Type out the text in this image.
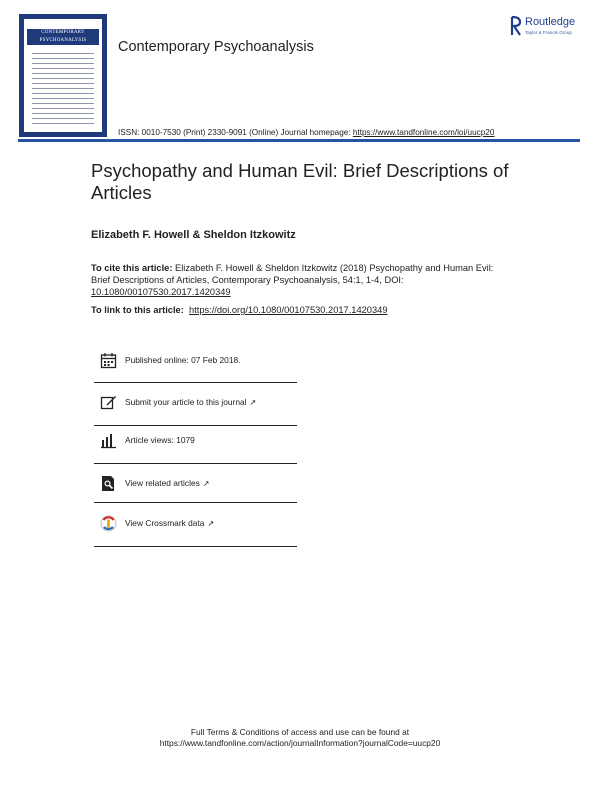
CONTEMPORARY PSYCHOANALYSIS	Contemporary Psychoanalysis
Routledge
Taylor & Francis Group
ISSN: 0010-7530 (Print) 2330-9091 (Online) Journal homepage: https://www.tandfonline.com/loi/uucp20
Psychopathy and Human Evil: Brief Descriptions of Articles
Elizabeth F. Howell & Sheldon Itzkowitz
To cite this article: Elizabeth F. Howell & Sheldon Itzkowitz (2018) Psychopathy and Human Evil: Brief Descriptions of Articles, Contemporary Psychoanalysis, 54:1, 1-4, DOI: 10.1080/00107530.2017.1420349
To link to this article: https://doi.org/10.1080/00107530.2017.1420349
Published online: 07 Feb 2018.
Submit your article to this journal ↗
Article views: 1079
View related articles ↗
View Crossmark data ↗
Full Terms & Conditions of access and use can be found at
https://www.tandfonline.com/action/journalInformation?journalCode=uucp20
